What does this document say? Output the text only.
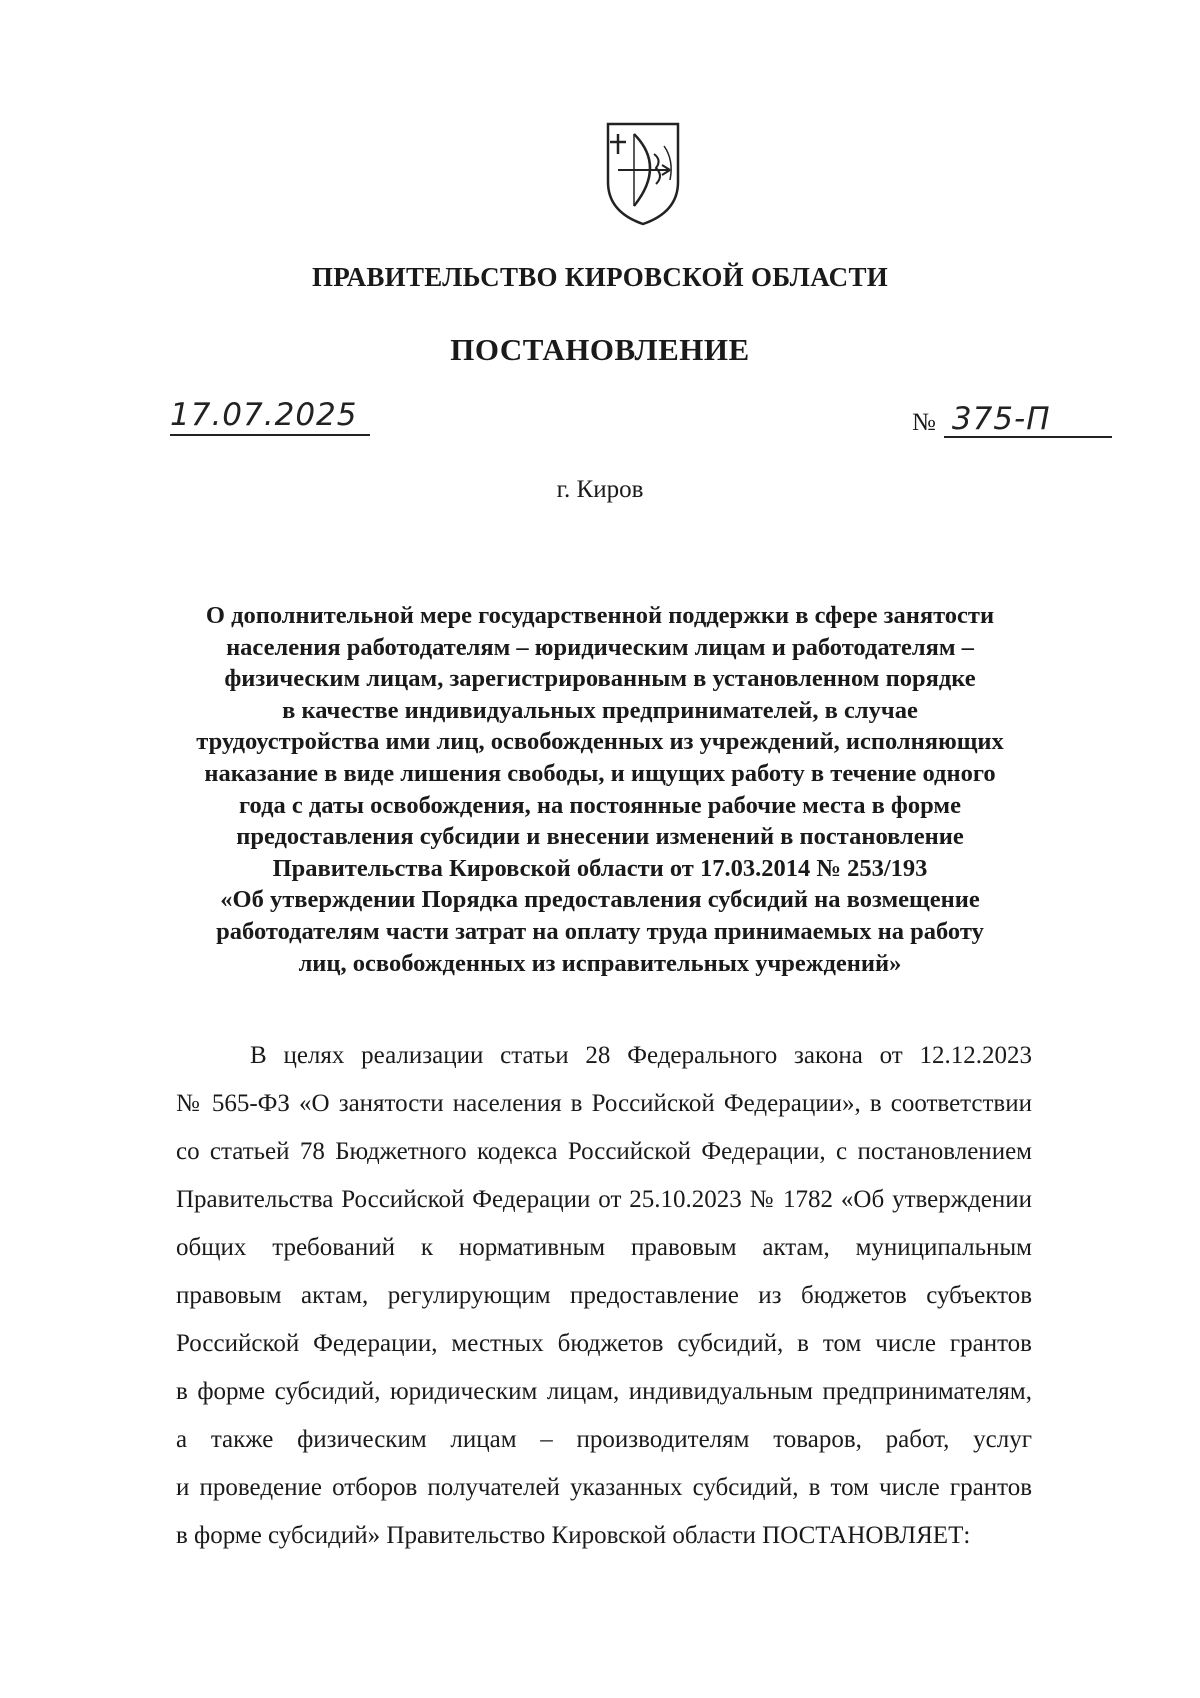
ПРАВИТЕЛЬСТВО КИРОВСКОЙ ОБЛАСТИ
ПОСТАНОВЛЕНИЕ
17.07.2025	№ 375-П
г. Киров
О дополнительной мере государственной поддержки в сфере занятости
населения работодателям – юридическим лицам и работодателям –
физическим лицам, зарегистрированным в установленном порядке
в качестве индивидуальных предпринимателей, в случае
трудоустройства ими лиц, освобожденных из учреждений, исполняющих
наказание в виде лишения свободы, и ищущих работу в течение одного
года с даты освобождения, на постоянные рабочие места в форме
предоставления субсидии и внесении изменений в постановление
Правительства Кировской области от 17.03.2014 № 253/193
«Об утверждении Порядка предоставления субсидий на возмещение
работодателям части затрат на оплату труда принимаемых на работу
лиц, освобожденных из исправительных учреждений»
В целях реализации статьи 28 Федерального закона от 12.12.2023
№ 565-ФЗ «О занятости населения в Российской Федерации», в соответствии
со статьей 78 Бюджетного кодекса Российской Федерации, с постановлением
Правительства Российской Федерации от 25.10.2023 № 1782 «Об утверждении
общих требований к нормативным правовым актам, муниципальным
правовым актам, регулирующим предоставление из бюджетов субъектов
Российской Федерации, местных бюджетов субсидий, в том числе грантов
в форме субсидий, юридическим лицам, индивидуальным предпринимателям,
а также физическим лицам – производителям товаров, работ, услуг
и проведение отборов получателей указанных субсидий, в том числе грантов
в форме субсидий» Правительство Кировской области ПОСТАНОВЛЯЕТ:
